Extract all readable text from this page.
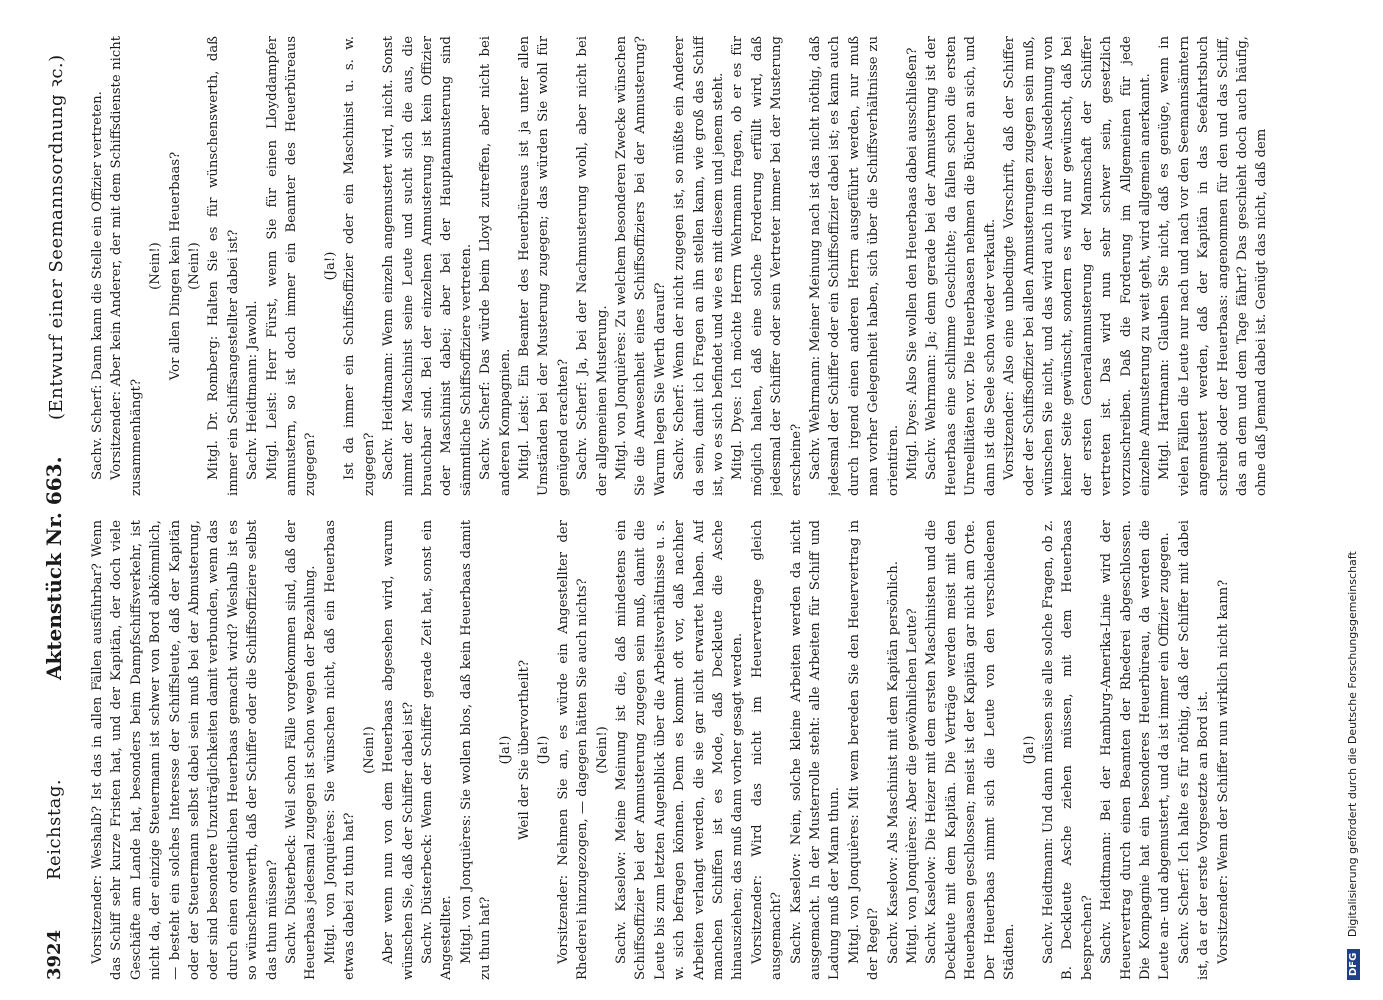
3924
Reichstag.
Aktenstück Nr. 663.
(Entwurf einer Seemannsordnung ꝛc.)

Vorsitzender: Weshalb? Ist das in allen Fällen ausführbar? Wenn das Schiff sehr kurze Fristen hat, und der Kapitän, der doch viele Geschäfte am Lande hat, besonders beim Dampfschiffsverkehr, ist nicht da, der einzige Steuermann ist schwer von Bord abkömmlich, — besteht ein solches Interesse der Schiffsleute, daß der Kapitän oder der Steuermann selbst dabei sein muß bei der Abmusterung, oder sind besondere Unzuträglichkeiten damit verbunden, wenn das durch einen ordentlichen Heuerbaas gemacht wird? Weshalb ist es so wünschenswerth, daß der Schiffer oder die Schiffsoffiziere selbst das thun müssen? Sachv. Düsterbeck: Weil schon Fälle vorgekommen sind, daß der Heuerbaas jedesmal zugegen ist schon wegen der Bezahlung. Mitgl. von Jonquières: Sie wünschen nicht, daß ein Heuerbaas etwas dabei zu thun hat?

(Nein!) Aber wenn nun von dem Heuerbaas abgesehen wird, warum wünschen Sie, daß der Schiffer dabei ist? Sachv. Düsterbeck: Wenn der Schiffer gerade Zeit hat, sonst ein Angestellter. Mitgl. von Jonquières: Sie wollen blos, daß kein Heuerbaas damit zu thun hat?

(Ja!) Weil der Sie übervortheilt? (Ja!) Vorsitzender: Nehmen Sie an, es würde ein Angestellter der Rhederei hinzugezogen, — dagegen hätten Sie auch nichts? (Nein!) Sachv. Kaselow: Meine Meinung ist die, daß mindestens ein Schiffsoffizier bei der Anmusterung zugegen sein muß, damit die Leute bis zum letzten Augenblick über die Arbeitsverhältnisse u. s. w. sich befragen können. Denn es kommt oft vor, daß nachher Arbeiten verlangt werden, die sie gar nicht erwartet haben. Auf manchen Schiffen ist es Mode, daß Deckleute die Asche hinausziehen; das muß dann vorher gesagt werden. Vorsitzender: Wird das nicht im Heuervertrage gleich ausgemacht? Sachv. Kaselow: Nein, solche kleine Arbeiten werden da nicht ausgemacht. In der Musterrolle steht: alle Arbeiten für Schiff und Ladung muß der Mann thun. Mitgl. von Jonquières: Mit wem bereden Sie den Heuervertrag in der Regel? Sachv. Kaselow: Als Maschinist mit dem Kapitän persönlich. Mitgl. von Jonquières: Aber die gewöhnlichen Leute? Sachv. Kaselow: Die Heizer mit dem ersten Maschinisten und die Deckleute mit dem Kapitän. Die Verträge werden meist mit den Heuerbaasen geschlossen; meist ist der Kapitän gar nicht am Orte. Der Heuerbaas nimmt sich die Leute von den verschiedenen Städten.

(Ja!) Sachv. Heidtmann: Und dann müssen sie alle solche Fragen, ob z. B. Deckleute Asche ziehen müssen, mit dem Heuerbaas besprechen? Sachv. Heidtmann: Bei der Hamburg-Amerika-Linie wird der Heuervertrag durch einen Beamten der Rhederei abgeschlossen. Die Kompagnie hat ein besonderes Heuerbüreau, da werden die Leute an- und abgemustert, und da ist immer ein Offizier zugegen. Sachv. Scherf: Ich halte es für nöthig, daß der Schiffer mit dabei ist, da er der erste Vorgesetzte an Bord ist. Vorsitzender: Wenn der Schiffer nun wirklich nicht kann?

Sachv. Scherf: Dann kann die Stelle ein Offizier vertreten. Vorsitzender: Aber kein Anderer, der mit dem Schiffsdienste nicht zusammenhängt?

(Nein!) Vor allen Dingen kein Heuerbaas? (Nein!) Mitgl. Dr. Romberg: Halten Sie es für wünschenswerth, daß immer ein Schiffsangestellter dabei ist? Sachv. Heidtmann: Jawohl. Mitgl. Leist: Herr Fürst, wenn Sie für einen Lloyddampfer anmustern, so ist doch immer ein Beamter des Heuerbüreaus zugegen?

(Ja!) Ist da immer ein Schiffsoffizier oder ein Maschinist u. s. w. zugegen? Sachv. Heidtmann: Wenn einzeln angemustert wird, nicht. Sonst nimmt der Maschinist seine Leute und sucht sich die aus, die brauchbar sind. Bei der einzelnen Anmusterung ist kein Offizier oder Maschinist dabei; aber bei der Hauptanmusterung sind sämmtliche Schiffsoffiziere vertreten. Sachv. Scherf: Das würde beim Lloyd zutreffen, aber nicht bei anderen Kompagnien. Mitgl. Leist: Ein Beamter des Heuerbüreaus ist ja unter allen Umständen bei der Musterung zugegen; das würden Sie wohl für genügend erachten? Sachv. Scherf: Ja, bei der Nachmusterung wohl, aber nicht bei der allgemeinen Musterung. Mitgl. von Jonquières: Zu welchem besonderen Zwecke wünschen Sie die Anwesenheit eines Schiffsoffiziers bei der Anmusterung? Warum legen Sie Werth darauf? Sachv. Scherf: Wenn der nicht zugegen ist, so müßte ein Anderer da sein, damit ich Fragen an ihn stellen kann, wie groß das Schiff ist, wo es sich befindet und wie es mit diesem und jenem steht. Mitgl. Dyes: Ich möchte Herrn Wehrmann fragen, ob er es für möglich halten, daß eine solche Forderung erfüllt wird, daß jedesmal der Schiffer oder sein Vertreter immer bei der Musterung erscheine? Sachv. Wehrmann: Meiner Meinung nach ist das nicht nöthig, daß jedesmal der Schiffer oder ein Schiffsoffizier dabei ist; es kann auch durch irgend einen anderen Herrn ausgeführt werden, nur muß man vorher Gelegenheit haben, sich über die Schiffsverhältnisse zu orientiren. Mitgl. Dyes: Also Sie wollen den Heuerbaas dabei ausschließen? Sachv. Wehrmann: Ja; denn gerade bei der Anmusterung ist der Heuerbaas eine schlimme Geschichte; da fallen schon die ersten Unreellitäten vor. Die Heuerbaasen nehmen die Bücher an sich, und dann ist die Seele schon wieder verkauft. Vorsitzender: Also eine unbedingte Vorschrift, daß der Schiffer oder der Schiffsoffizier bei allen Anmusterungen zugegen sein muß, wünschen Sie nicht, und das wird auch in dieser Ausdehnung von keiner Seite gewünscht, sondern es wird nur gewünscht, daß bei der ersten Generalanmusterung der Mannschaft der Schiffer vertreten ist. Das wird nun sehr schwer sein, gesetzlich vorzuschreiben. Daß die Forderung im Allgemeinen für jede einzelne Anmusterung zu weit geht, wird allgemein anerkannt. Mitgl. Hartmann: Glauben Sie nicht, daß es genüge, wenn in vielen Fällen die Leute nur nach und nach vor den Seemannsämtern angemustert werden, daß der Kapitän in das Seefahrtsbuch schreibt oder der Heuerbaas: angenommen für den und das Schiff, das an dem und dem Tage fährt? Das geschieht doch auch häufig, ohne daß Jemand dabei ist. Genügt das nicht, daß dem

DFG Digitalisierung gefördert durch die Deutsche Forschungsgemeinschaft
